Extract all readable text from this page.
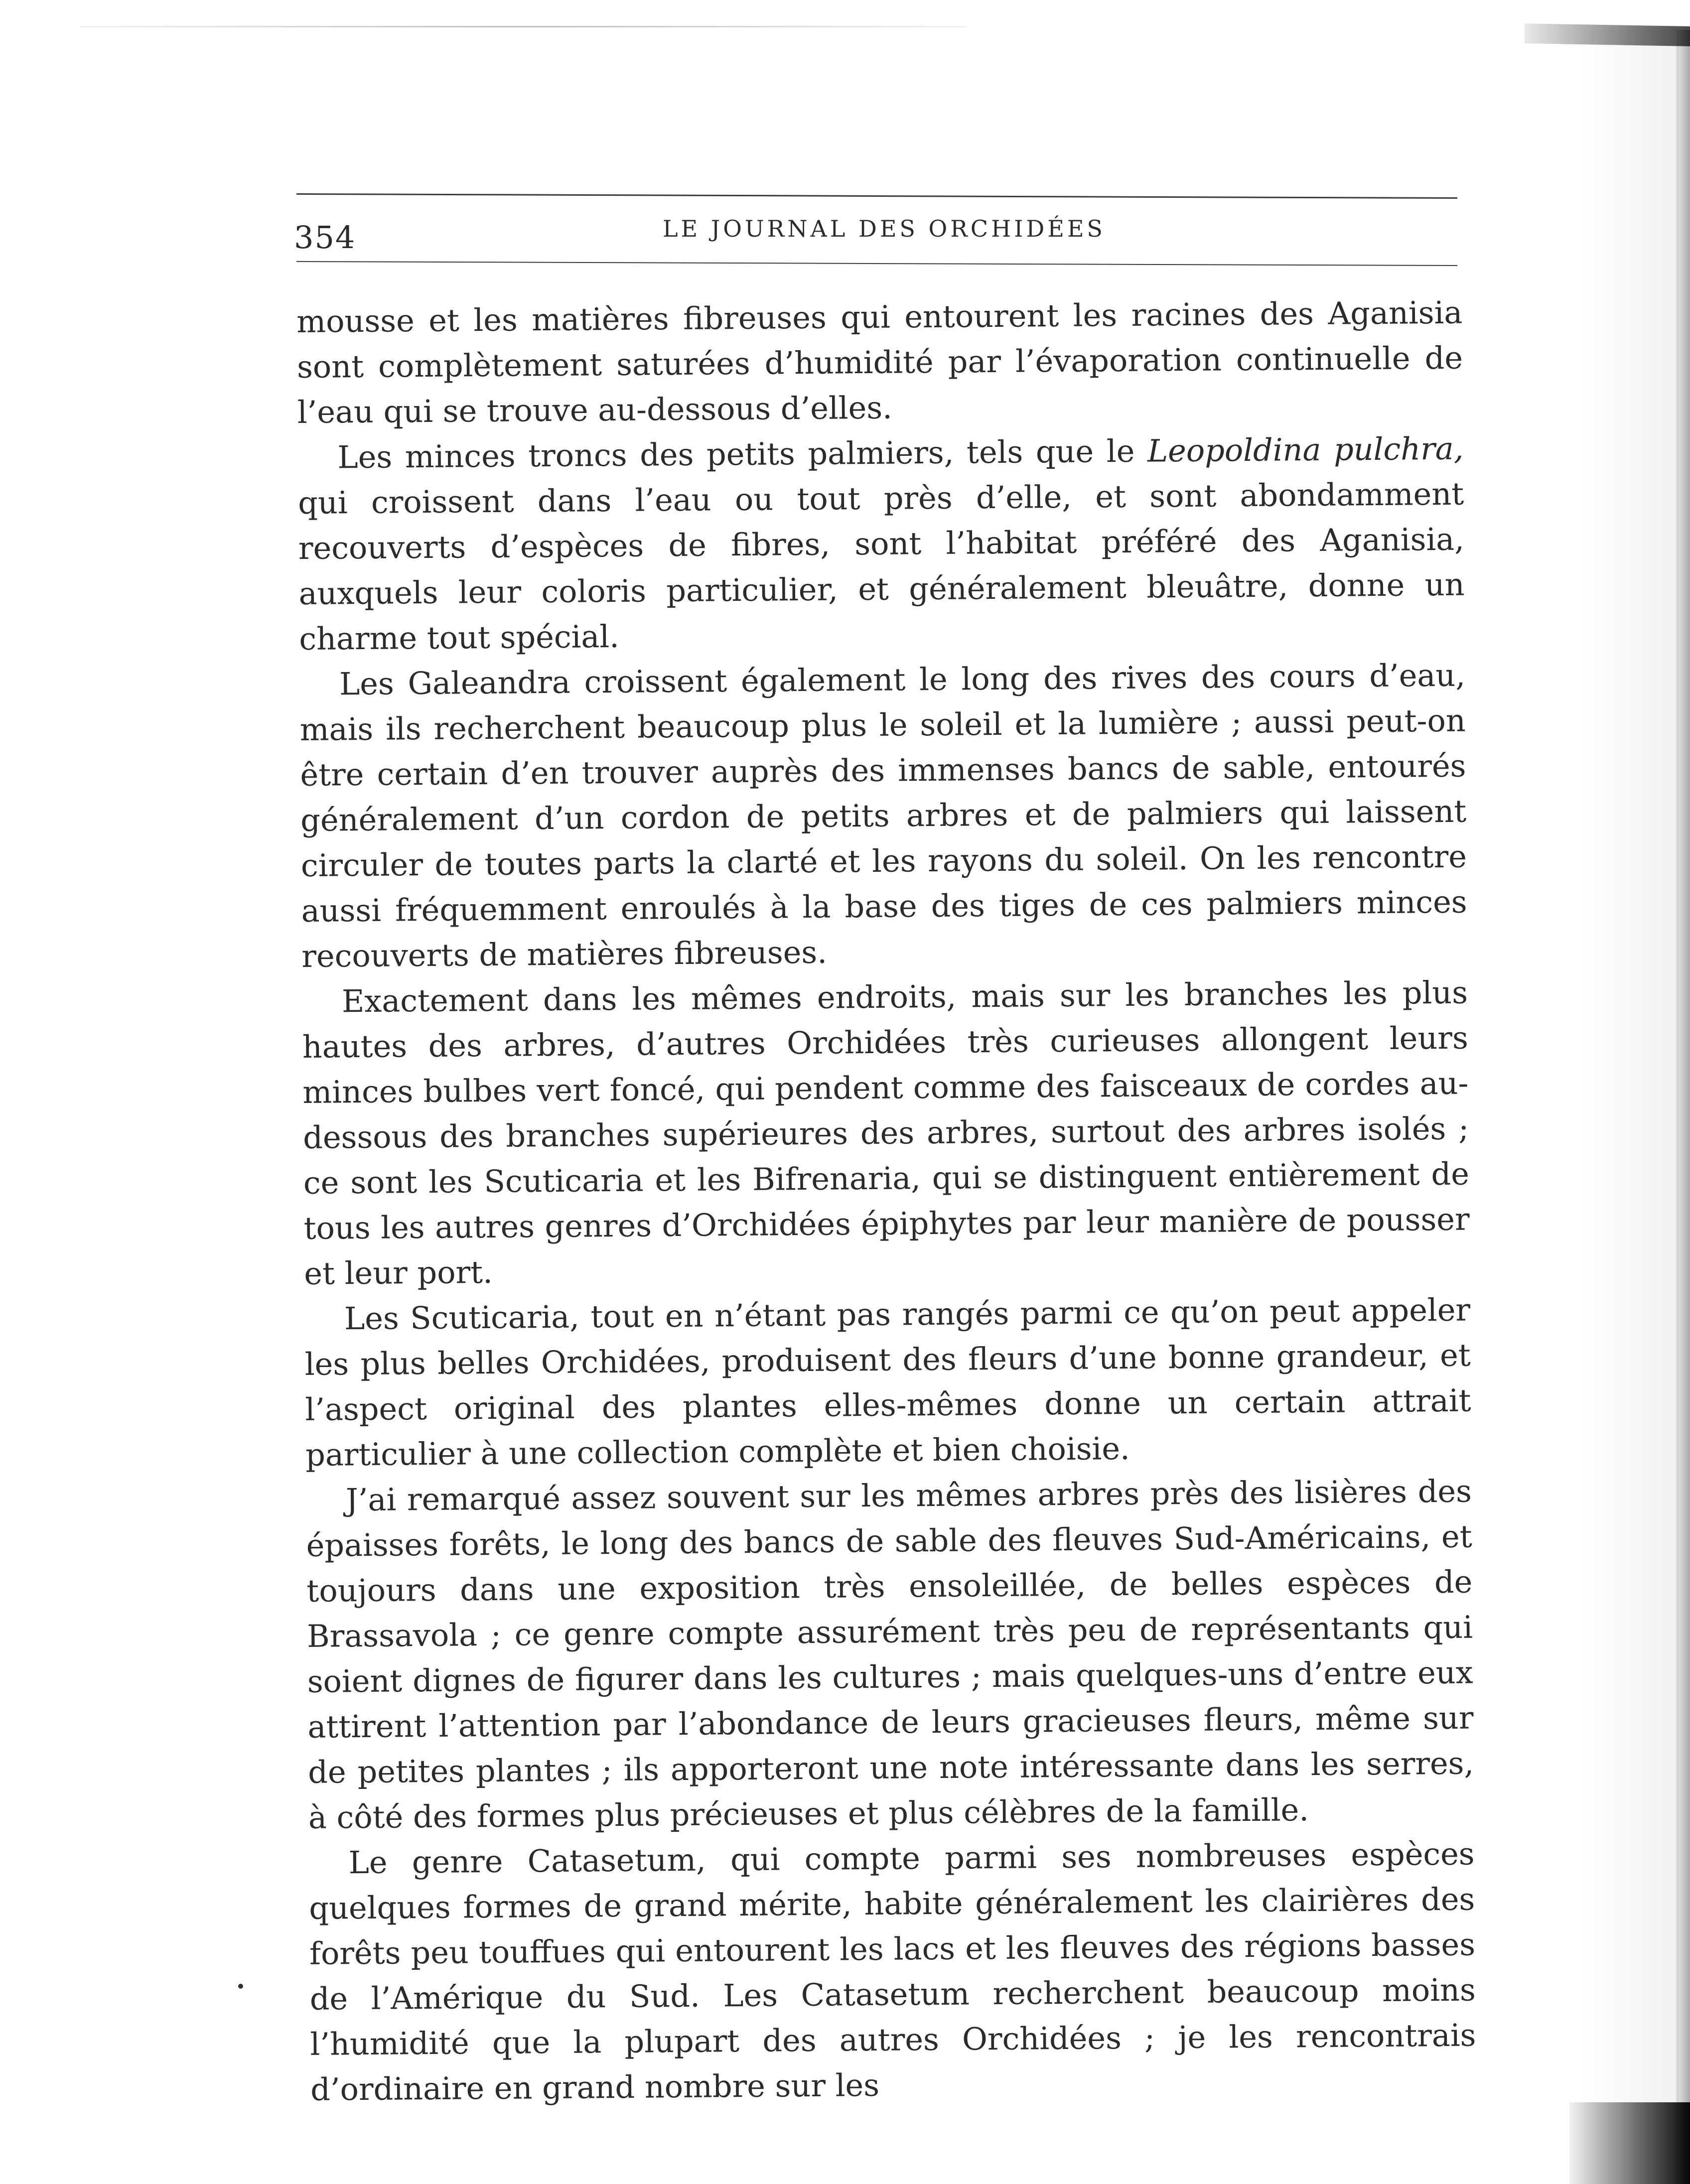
354	LE JOURNAL DES ORCHIDÉES

mousse et les matières fibreuses qui entourent les racines des Aganisia sont complètement saturées d’humidité par l’évaporation continuelle de l’eau qui se trouve au-dessous d’elles.

Les minces troncs des petits palmiers, tels que le Leopoldina pulchra, qui croissent dans l’eau ou tout près d’elle, et sont abondamment recouverts d’espèces de fibres, sont l’habitat préféré des Aganisia, auxquels leur coloris particulier, et généralement bleuâtre, donne un charme tout spécial.

Les Galeandra croissent également le long des rives des cours d’eau, mais ils recherchent beaucoup plus le soleil et la lumière ; aussi peut-on être certain d’en trouver auprès des immenses bancs de sable, entourés généralement d’un cordon de petits arbres et de palmiers qui laissent circuler de toutes parts la clarté et les rayons du soleil. On les rencontre aussi fréquemment enroulés à la base des tiges de ces palmiers minces recouverts de matières fibreuses.

Exactement dans les mêmes endroits, mais sur les branches les plus hautes des arbres, d’autres Orchidées très curieuses allongent leurs minces bulbes vert foncé, qui pendent comme des faisceaux de cordes au-dessous des branches supérieures des arbres, surtout des arbres isolés ; ce sont les Scuticaria et les Bifrenaria, qui se distinguent entièrement de tous les autres genres d’Orchidées épiphytes par leur manière de pousser et leur port.

Les Scuticaria, tout en n’étant pas rangés parmi ce qu’on peut appeler les plus belles Orchidées, produisent des fleurs d’une bonne grandeur, et l’aspect original des plantes elles-mêmes donne un certain attrait particulier à une collection complète et bien choisie.

J’ai remarqué assez souvent sur les mêmes arbres près des lisières des épaisses forêts, le long des bancs de sable des fleuves Sud-Américains, et toujours dans une exposition très ensoleillée, de belles espèces de Brassavola ; ce genre compte assurément très peu de représentants qui soient dignes de figurer dans les cultures ; mais quelques-uns d’entre eux attirent l’attention par l’abondance de leurs gracieuses fleurs, même sur de petites plantes ; ils apporteront une note intéressante dans les serres, à côté des formes plus précieuses et plus célèbres de la famille.

Le genre Catasetum, qui compte parmi ses nombreuses espèces quelques formes de grand mérite, habite généralement les clairières des forêts peu touffues qui entourent les lacs et les fleuves des régions basses de l’Amérique du Sud. Les Catasetum recherchent beaucoup moins l’humidité que la plupart des autres Orchidées ; je les rencontrais d’ordinaire en grand nombre sur les
